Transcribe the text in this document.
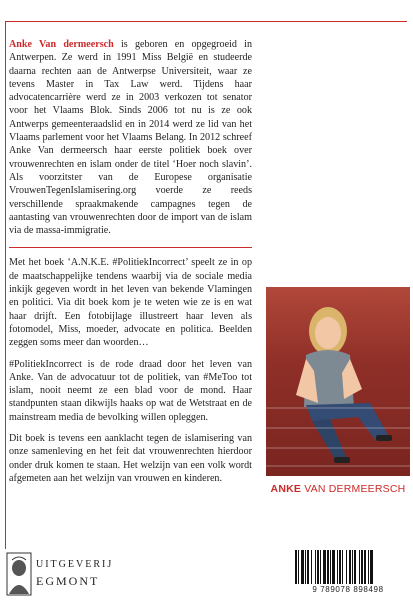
Anke Van dermeersch is geboren en opgegroeid in Antwerpen. Ze werd in 1991 Miss België en studeerde daarna rechten aan de Antwerpse Universiteit, waar ze tevens Master in Tax Law werd. Tijdens haar advocatencarrière werd ze in 2003 verkozen tot senator voor het Vlaams Blok. Sinds 2006 tot nu is ze ook Antwerps gemeenteraadslid en in 2014 werd ze lid van het Vlaams parlement voor het Vlaams Belang. In 2012 schreef Anke Van dermeersch haar eerste politiek boek over vrouwenrechten en islam onder de titel ‘Hoer noch slavin’. Als voorzitster van de Europese organisatie VrouwenTegenIslamisering.org voerde ze reeds verschillende spraakmakende campagnes tegen de aantasting van vrouwenrechten door de import van de islam via de massa-immigratie.

Met het boek ‘A.N.K.E. #PolitiekIncorrect’ speelt ze in op de maatschappelijke tendens waarbij via de sociale media inkijk gegeven wordt in het leven van bekende Vlamingen en politici. Via dit boek kom je te weten wie ze is en wat haar drijft. Een fotobijlage illustreert haar leven als fotomodel, Miss, moeder, advocate en politica. Beelden zeggen soms meer dan woorden…

#PolitiekIncorrect is de rode draad door het leven van Anke. Van de advocatuur tot de politiek, van #MeToo tot islam, nooit neemt ze een blad voor de mond. Haar standpunten staan dikwijls haaks op wat de Wetstraat en de mainstream media de bevolking willen opleggen.

Dit boek is tevens een aanklacht tegen de islamisering van onze samenleving en het feit dat vrouwenrechten hierdoor onder druk komen te staan. Het welzijn van een volk wordt afgemeten aan het welzijn van vrouwen en kinderen.

ANKE VAN DERMEERSCH
UITGEVERIJ
EGMONT
9 789078 898498
